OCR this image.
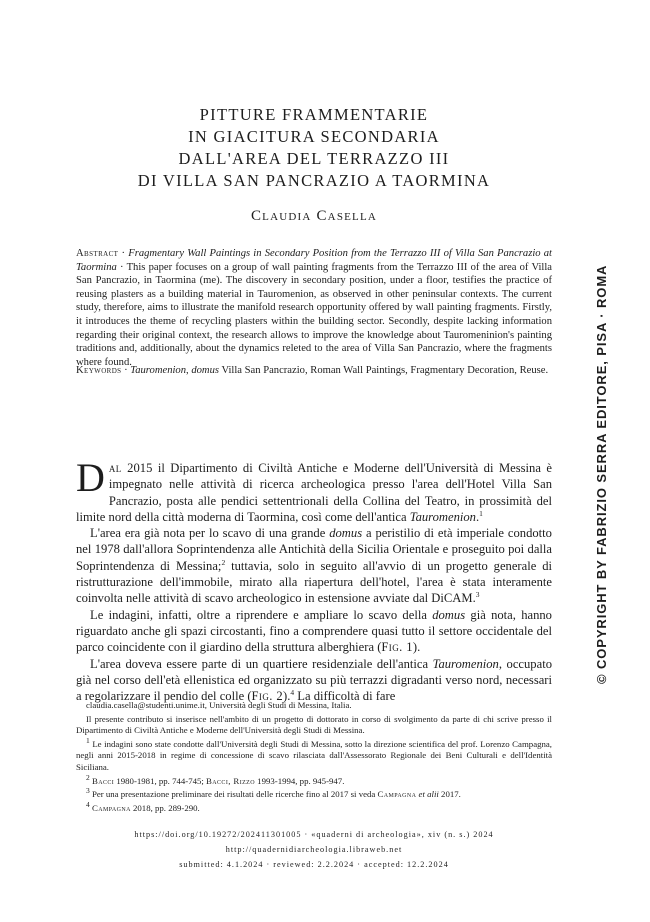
PITTURE FRAMMENTARIE
IN GIACITURA SECONDARIA
DALL'AREA DEL TERRAZZO III
DI VILLA SAN PANCRAZIO A TAORMINA
Claudia Casella
Abstract · Fragmentary Wall Paintings in Secondary Position from the Terrazzo III of Villa San Pancrazio at Taormina · This paper focuses on a group of wall painting fragments from the Terrazzo III of the area of Villa San Pancrazio, in Taormina (me). The discovery in secondary position, under a floor, testifies the practice of reusing plasters as a building material in Tauromenion, as observed in other peninsular contexts. The current study, therefore, aims to illustrate the manifold research opportunity offered by wall painting fragments. Firstly, it introduces the theme of recycling plasters within the building sector. Secondly, despite lacking information regarding their original context, the research allows to improve the knowledge about Tauromeninion's painting traditions and, additionally, about the dynamics releted to the area of Villa San Pancrazio, where the fragments where found.
Keywords · Tauromenion, domus Villa San Pancrazio, Roman Wall Paintings, Fragmentary Decoration, Reuse.

Dal 2015 il Dipartimento di Civiltà Antiche e Moderne dell'Università di Messina è impegnato nelle attività di ricerca archeologica presso l'area dell'Hotel Villa San Pancrazio, posta alle pendici settentrionali della Collina del Teatro, in prossimità del limite nord della città moderna di Taormina, così come dell'antica Tauromenion.$^1$

L'area era già nota per lo scavo di una grande domus a peristilio di età imperiale condotto nel 1978 dall'allora Soprintendenza alle Antichità della Sicilia Orientale e proseguito poi dalla Soprintendenza di Messina;$^2$ tuttavia, solo in seguito all'avvio di un progetto generale di ristrutturazione dell'immobile, mirato alla riapertura dell'hotel, l'area è stata interamente coinvolta nelle attività di scavo archeologico in estensione avviate dal DiCAM.$^3$

Le indagini, infatti, oltre a riprendere e ampliare lo scavo della domus già nota, hanno riguardato anche gli spazi circostanti, fino a comprendere quasi tutto il settore occidentale del parco coincidente con il giardino della struttura alberghiera (Fig. 1).

L'area doveva essere parte di un quartiere residenziale dell'antica Tauromenion, occupato già nel corso dell'età ellenistica ed organizzato su più terrazzi digradanti verso nord, necessari a regolarizzare il pendio del colle (Fig. 2).$^4$ La difficoltà di fare

claudia.casella@studenti.unime.it, Università degli Studi di Messina, Italia.

Il presente contributo si inserisce nell'ambito di un progetto di dottorato in corso di svolgimento da parte di chi scrive presso il Dipartimento di Civiltà Antiche e Moderne dell'Università degli Studi di Messina.

$^1$ Le indagini sono state condotte dall'Università degli Studi di Messina, sotto la direzione scientifica del prof. Lorenzo Campagna, negli anni 2015-2018 in regime di concessione di scavo rilasciata dall'Assessorato Regionale dei Beni Culturali e dell'Identità Siciliana.

$^2$ Bacci 1980-1981, pp. 744-745; Bacci, Rizzo 1993-1994, pp. 945-947.

$^3$ Per una presentazione preliminare dei risultati delle ricerche fino al 2017 si veda Campagna et alii 2017.

$^4$ Campagna 2018, pp. 289-290.

https://doi.org/10.19272/202411301005 · «quaderni di archeologia», xiv (n. s.) 2024
http://quadernidiarcheologia.libraweb.net
submitted: 4.1.2024 · reviewed: 2.2.2024 · accepted: 12.2.2024
© COPYRIGHT BY FABRIZIO SERRA EDITORE, PISA · ROMA
